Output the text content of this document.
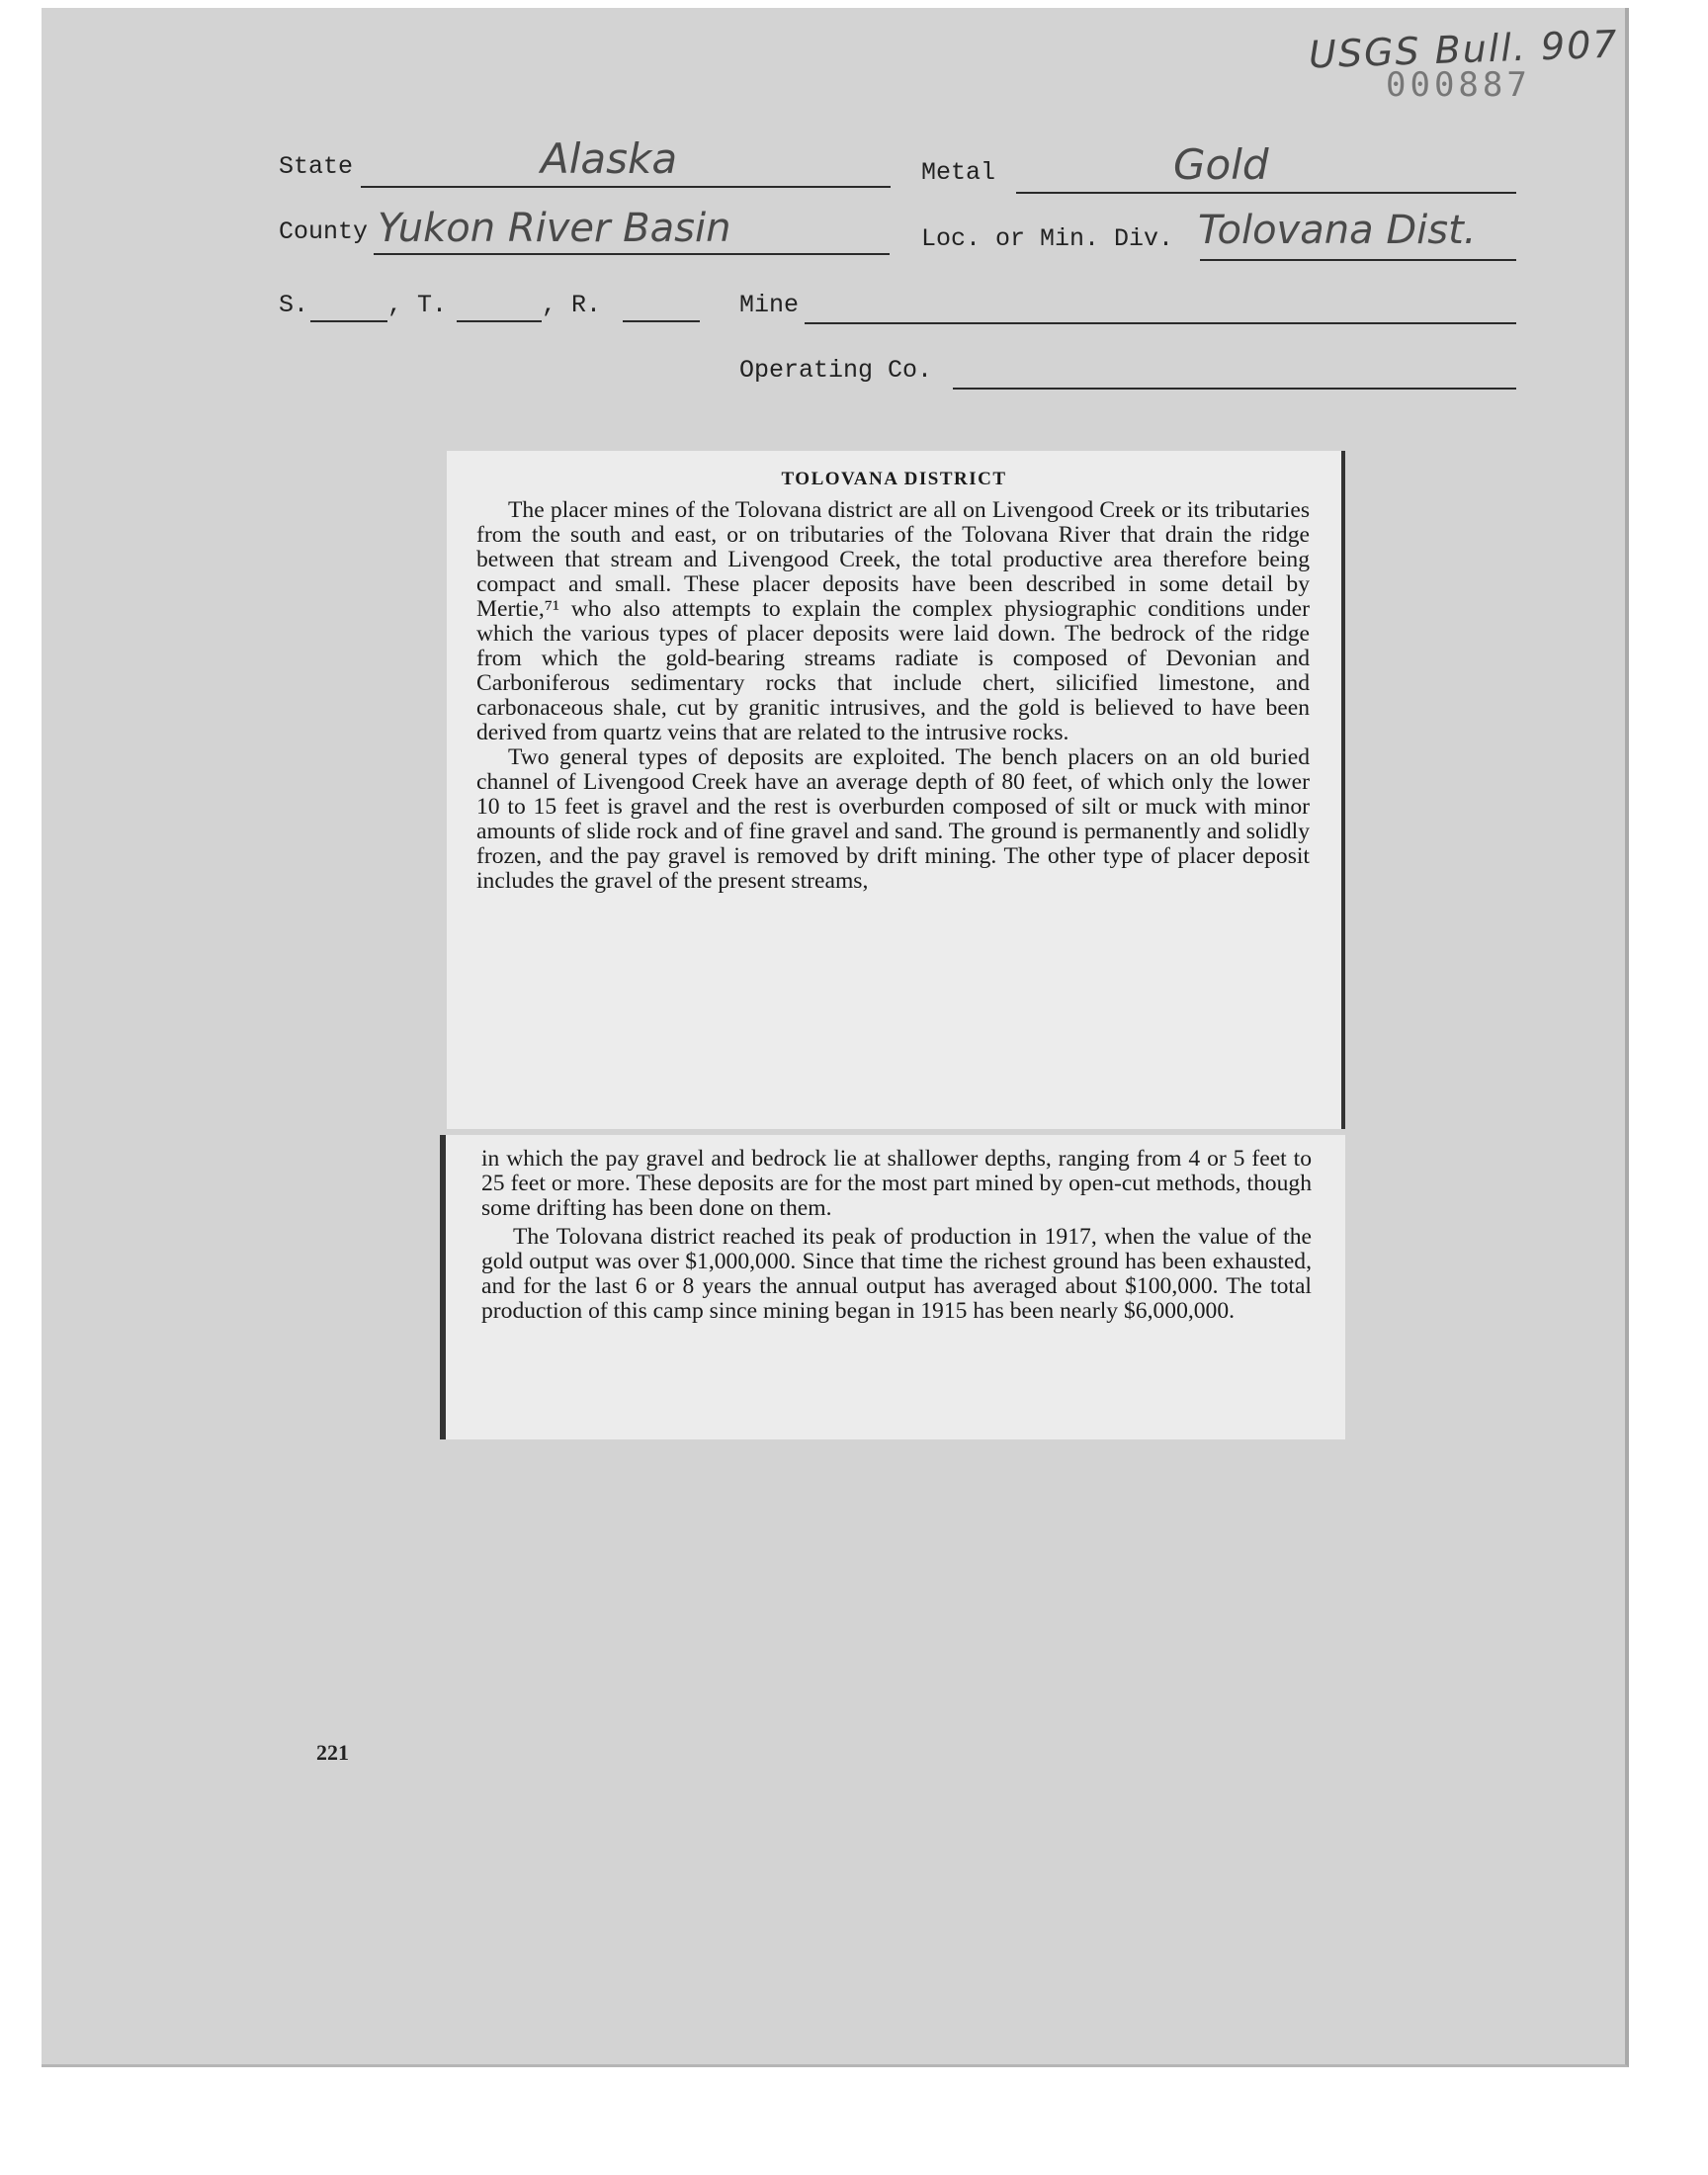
USGS Bull. 907
000887
State	Alaska	Metal	Gold
County Yukon River Basin	Loc. or Min. Div. Tolovana Dist.
S.	, T.	, R.	Mine
Operating Co.
TOLOVANA DISTRICT

The placer mines of the Tolovana district are all on Livengood Creek or its tributaries from the south and east, or on tributaries of the Tolovana River that drain the ridge between that stream and Livengood Creek, the total productive area therefore being compact and small. These placer deposits have been described in some detail by Mertie,⁷¹ who also attempts to explain the complex physiographic conditions under which the various types of placer deposits were laid down. The bedrock of the ridge from which the gold-bearing streams radiate is composed of Devonian and Carboniferous sedimentary rocks that include chert, silicified limestone, and carbonaceous shale, cut by granitic intrusives, and the gold is believed to have been derived from quartz veins that are related to the intrusive rocks.

Two general types of deposits are exploited. The bench placers on an old buried channel of Livengood Creek have an average depth of 80 feet, of which only the lower 10 to 15 feet is gravel and the rest is overburden composed of silt or muck with minor amounts of slide rock and of fine gravel and sand. The ground is permanently and solidly frozen, and the pay gravel is removed by drift mining. The other type of placer deposit includes the gravel of the present streams,

in which the pay gravel and bedrock lie at shallower depths, ranging from 4 or 5 feet to 25 feet or more. These deposits are for the most part mined by open-cut methods, though some drifting has been done on them.

The Tolovana district reached its peak of production in 1917, when the value of the gold output was over $1,000,000. Since that time the richest ground has been exhausted, and for the last 6 or 8 years the annual output has averaged about $100,000. The total production of this camp since mining began in 1915 has been nearly $6,000,000.

221
